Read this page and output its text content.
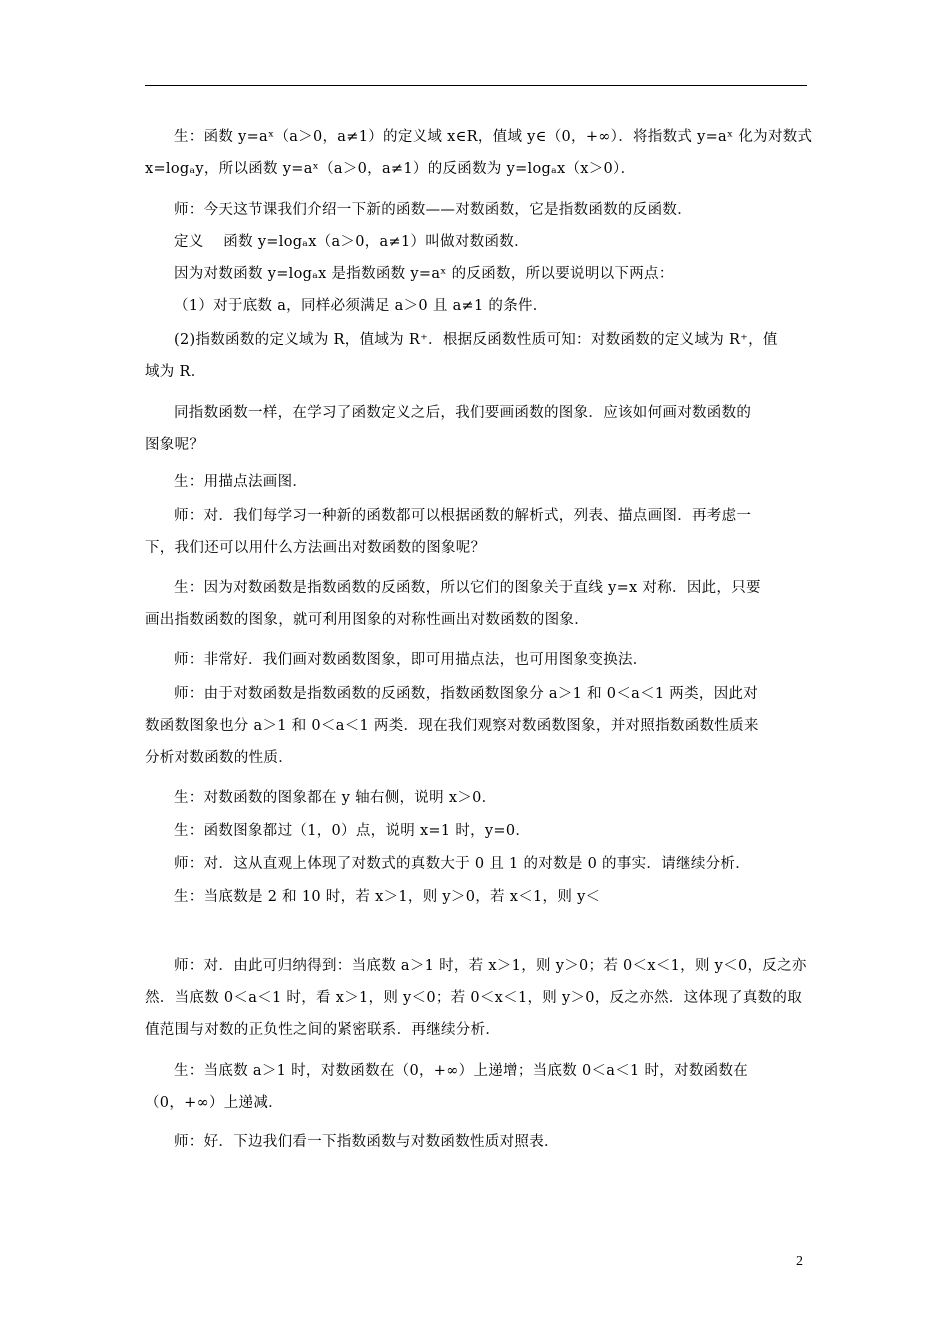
生：函数 y=aˣ（a＞0，a≠1）的定义域 x∈R，值域 y∈（0，+∞）．将指数式 y=aˣ 化为对数式
x=logₐy，所以函数 y=aˣ（a＞0，a≠1）的反函数为 y=logₐx（x＞0）．
师：今天这节课我们介绍一下新的函数——对数函数，它是指数函数的反函数．
定义　 函数 y=logₐx（a＞0，a≠1）叫做对数函数．
因为对数函数 y=logₐx 是指数函数 y=aˣ 的反函数，所以要说明以下两点：
（1）对于底数 a，同样必须满足 a＞0 且 a≠1 的条件．
(2)指数函数的定义域为 R，值域为 R⁺．根据反函数性质可知：对数函数的定义域为 R⁺，值
域为 R．
同指数函数一样，在学习了函数定义之后，我们要画函数的图象．应该如何画对数函数的
图象呢？
生：用描点法画图．
师：对．我们每学习一种新的函数都可以根据函数的解析式，列表、描点画图．再考虑一
下，我们还可以用什么方法画出对数函数的图象呢？
生：因为对数函数是指数函数的反函数，所以它们的图象关于直线 y=x 对称．因此，只要
画出指数函数的图象，就可利用图象的对称性画出对数函数的图象．
师：非常好．我们画对数函数图象，即可用描点法，也可用图象变换法．
师：由于对数函数是指数函数的反函数，指数函数图象分 a＞1 和 0＜a＜1 两类，因此对
数函数图象也分 a＞1 和 0＜a＜1 两类．现在我们观察对数函数图象，并对照指数函数性质来
分析对数函数的性质．
生：对数函数的图象都在 y 轴右侧，说明 x＞0．
生：函数图象都过（1，0）点，说明 x=1 时，y=0．
师：对．这从直观上体现了对数式的真数大于 0 且 1 的对数是 0 的事实．请继续分析．
生：当底数是 2 和 10 时，若 x＞1，则 y＞0，若 x＜1，则 y＜
师：对．由此可归纳得到：当底数 a＞1 时，若 x＞1，则 y＞0；若 0＜x＜1，则 y＜0，反之亦
然．当底数 0＜a＜1 时，看 x＞1，则 y＜0；若 0＜x＜1，则 y＞0，反之亦然．这体现了真数的取
值范围与对数的正负性之间的紧密联系．再继续分析．
生：当底数 a＞1 时，对数函数在（0，+∞）上递增；当底数 0＜a＜1 时，对数函数在
（0，+∞）上递减．
师：好．下边我们看一下指数函数与对数函数性质对照表．
2
